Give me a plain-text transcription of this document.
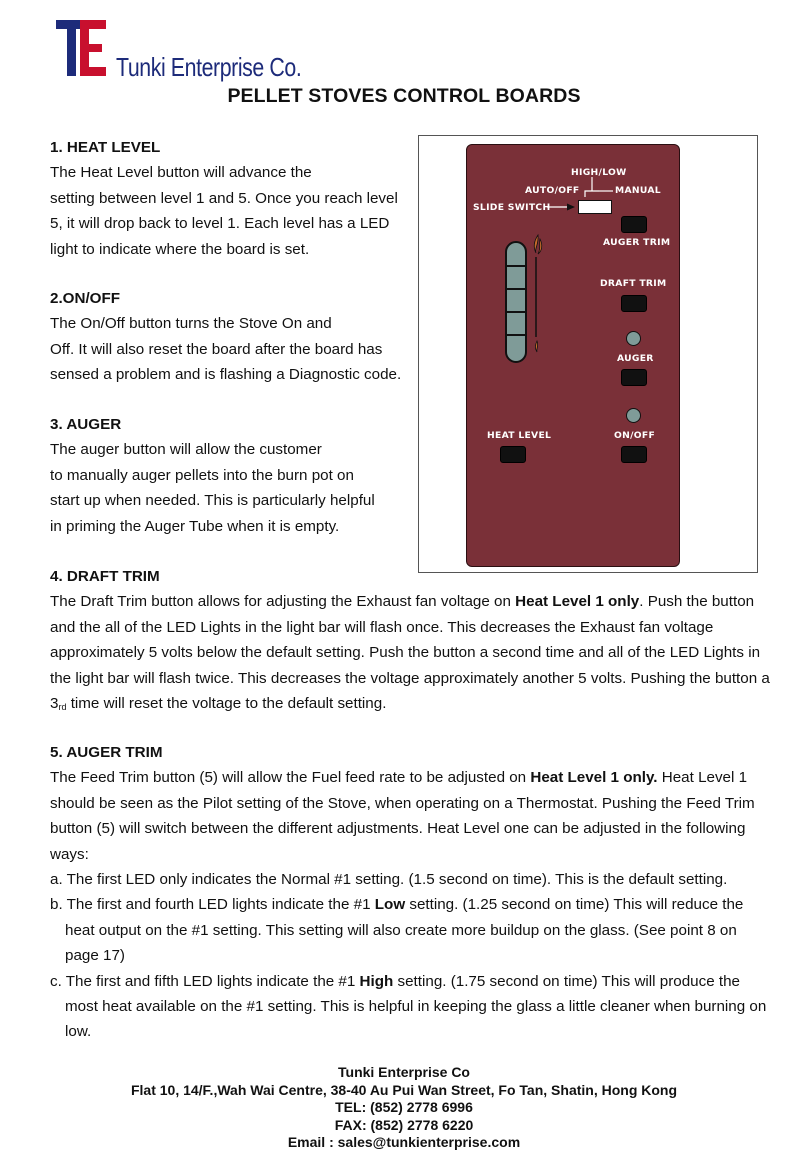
Tunki Enterprise Co.
PELLET STOVES CONTROL BOARDS
1. HEAT LEVEL

The Heat Level button will advance the

setting between level 1 and 5. Once you reach level

5, it will drop back to level 1. Each level has a LED

light to indicate where the board is set.

2.ON/OFF

The On/Off button turns the Stove On and

Off. It will also reset the board after the board has

sensed a problem and is flashing a Diagnostic code.

3. AUGER

The auger button will allow the customer

to manually auger pellets into the burn pot on

start up when needed. This is particularly helpful

in priming the Auger Tube when it is empty.

HIGH/LOW
AUTO/OFF	MANUAL
SLIDE SWITCH
AUGER TRIM
DRAFT TRIM
AUGER
ON/OFF
HEAT LEVEL
4. DRAFT TRIM

The Draft Trim button allows for adjusting the Exhaust fan voltage on Heat Level 1 only. Push the button and the all of the LED Lights in the light bar will flash once. This decreases the Exhaust fan voltage approximately 5 volts below the default setting. Push the button a second time and all of the LED Lights in the light bar will flash twice. This decreases the voltage approximately another 5 volts. Pushing the button a $3_{rd}$ time will reset the voltage to the default setting.

5. AUGER TRIM

The Feed Trim button (5) will allow the Fuel feed rate to be adjusted on Heat Level 1 only. Heat Level 1 should be seen as the Pilot setting of the Stove, when operating on a Thermostat. Pushing the Feed Trim button (5) will switch between the different adjustments. Heat Level one can be adjusted in the following ways:

a. The first LED only indicates the Normal #1 setting. (1.5 second on time). This is the default setting.

b. The first and fourth LED lights indicate the #1 Low setting. (1.25 second on time) This will reduce the heat output on the #1 setting. This setting will also create more buildup on the glass. (See point 8 on page 17)

c. The first and fifth LED lights indicate the #1 High setting. (1.75 second on time) This will produce the most heat available on the #1 setting. This is helpful in keeping the glass a little cleaner when burning on low.

Tunki Enterprise Co
Flat 10, 14/F.,Wah Wai Centre, 38-40 Au Pui Wan Street, Fo Tan, Shatin, Hong Kong
TEL: (852) 2778 6996
FAX: (852) 2778 6220
Email : sales@tunkienterprise.com
